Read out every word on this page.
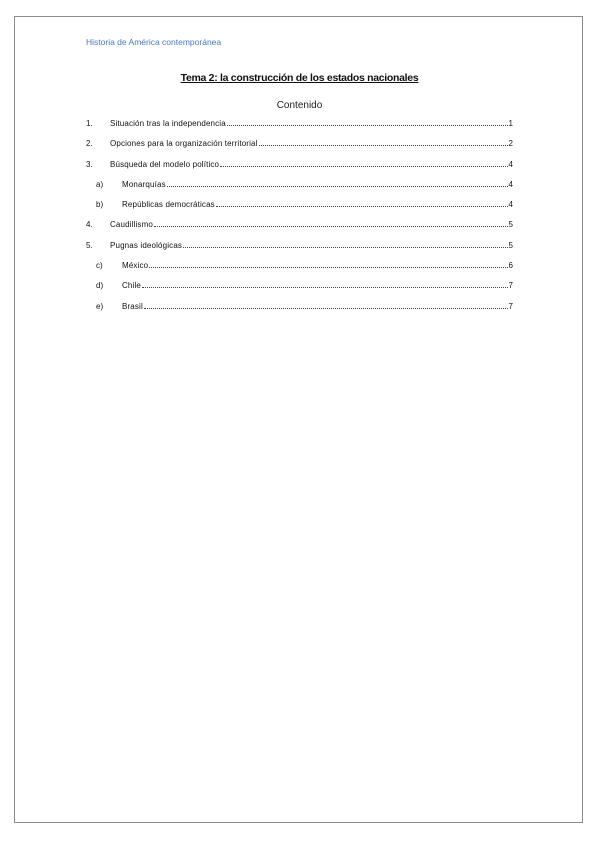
Historia de América contemporánea
Tema 2: la construcción de los estados nacionales
Contenido
1.	Situación tras la independencia	1
2.	Opciones para la organización territorial	2
3.	Búsqueda del modelo político	4
a)	Monarquías	4
b)	Repúblicas democráticas	4
4.	Caudillismo	5
5.	Pugnas ideológicas	5
c)	México	6
d)	Chile	7
e)	Brasil	7
